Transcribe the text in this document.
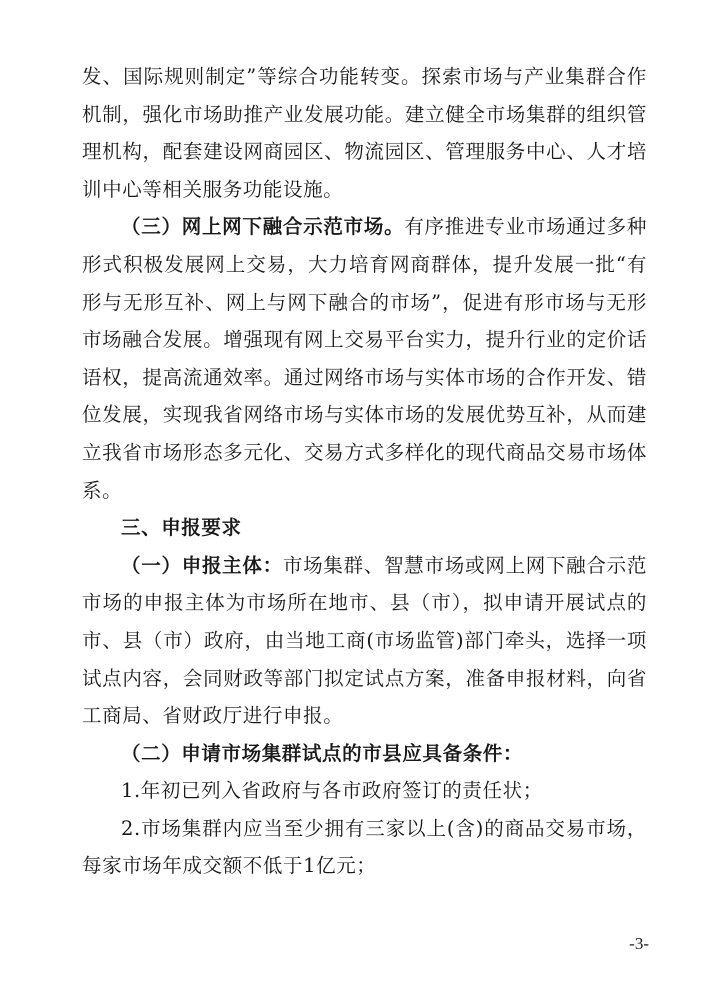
发、国际规则制定”等综合功能转变。探索市场与产业集群合作机制，强化市场助推产业发展功能。建立健全市场集群的组织管理机构，配套建设网商园区、物流园区、管理服务中心、人才培训中心等相关服务功能设施。

（三）网上网下融合示范市场。有序推进专业市场通过多种形式积极发展网上交易，大力培育网商群体，提升发展一批“有形与无形互补、网上与网下融合的市场”，促进有形市场与无形市场融合发展。增强现有网上交易平台实力，提升行业的定价话语权，提高流通效率。通过网络市场与实体市场的合作开发、错位发展，实现我省网络市场与实体市场的发展优势互补，从而建立我省市场形态多元化、交易方式多样化的现代商品交易市场体系。

三、申报要求

（一）申报主体：市场集群、智慧市场或网上网下融合示范市场的申报主体为市场所在地市、县（市），拟申请开展试点的市、县（市）政府，由当地工商(市场监管)部门牵头，选择一项试点内容，会同财政等部门拟定试点方案，准备申报材料，向省工商局、省财政厅进行申报。

（二）申请市场集群试点的市县应具备条件：

1.年初已列入省政府与各市政府签订的责任状；

2.市场集群内应当至少拥有三家以上(含)的商品交易市场，每家市场年成交额不低于1亿元；

-3-
